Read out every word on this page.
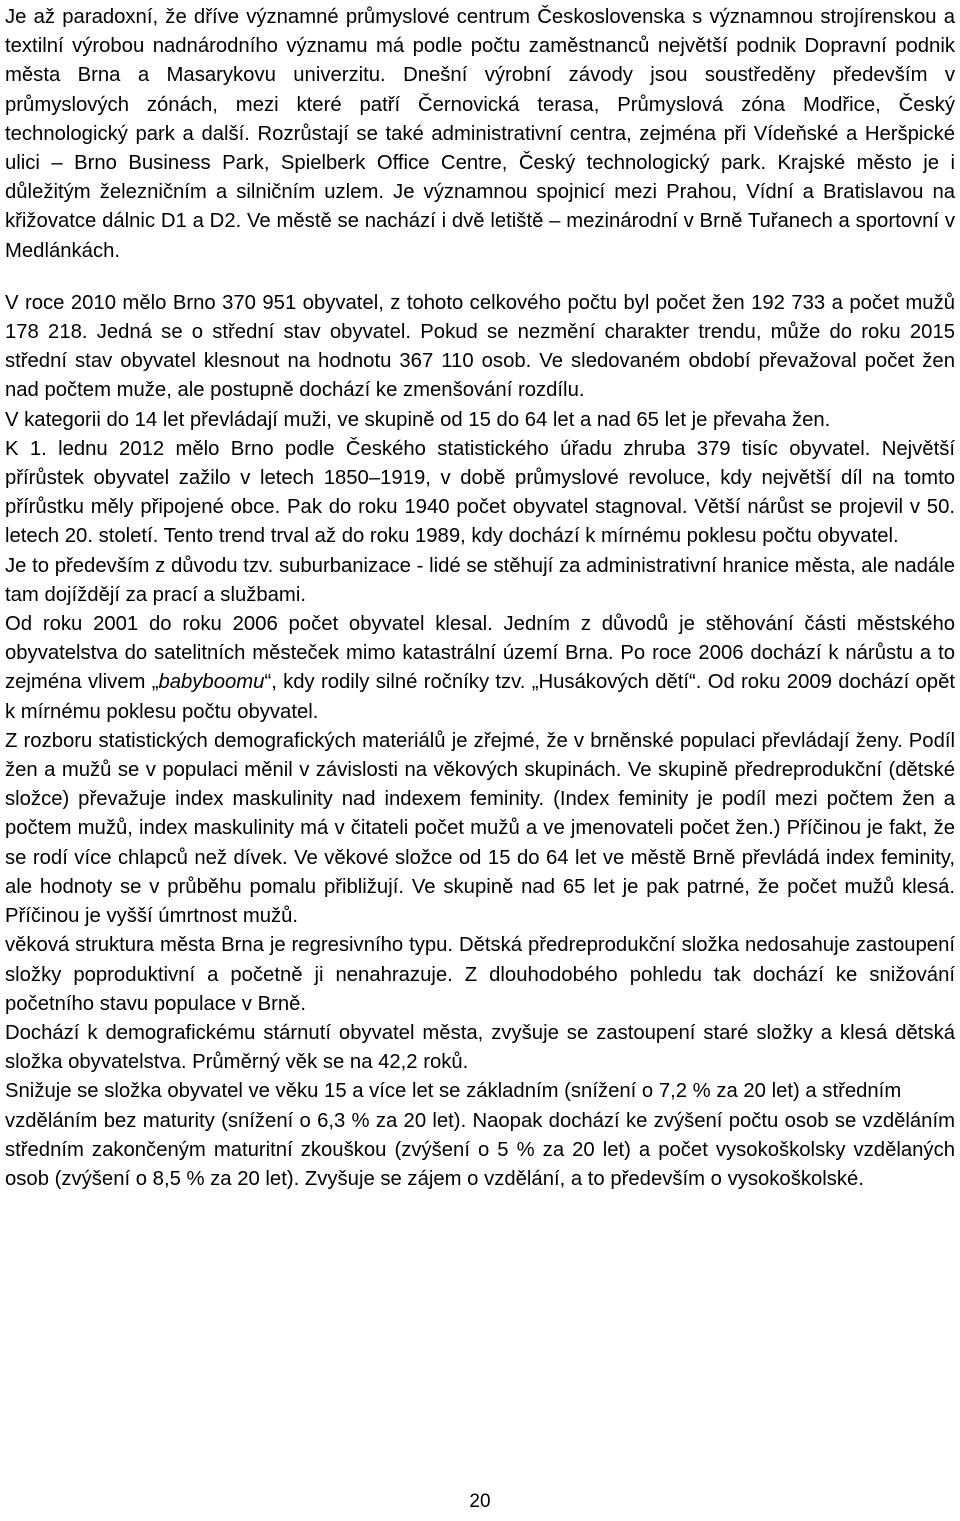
Je až paradoxní, že dříve významné průmyslové centrum Československa s významnou strojírenskou a textilní výrobou nadnárodního významu má podle počtu zaměstnanců největší podnik Dopravní podnik města Brna a Masarykovu univerzitu. Dnešní výrobní závody jsou soustředěny především v průmyslových zónách, mezi které patří Černovická terasa, Průmyslová zóna Modřice, Český technologický park a další. Rozrůstají se také administrativní centra, zejména při Vídeňské a Heršpické ulici – Brno Business Park, Spielberk Office Centre, Český technologický park. Krajské město je i důležitým železničním a silničním uzlem. Je významnou spojnicí mezi Prahou, Vídní a Bratislavou na křižovatce dálnic D1 a D2. Ve městě se nachází i dvě letiště – mezinárodní v Brně Tuřanech a sportovní v Medlánkách.

V roce 2010 mělo Brno 370 951 obyvatel, z tohoto celkového počtu byl počet žen 192 733 a počet mužů 178 218. Jedná se o střední stav obyvatel. Pokud se nezmění charakter trendu, může do roku 2015 střední stav obyvatel klesnout na hodnotu 367 110 osob. Ve sledovaném období převažoval počet žen nad počtem muže, ale postupně dochází ke zmenšování rozdílu.

V kategorii do 14 let převládají muži, ve skupině od 15 do 64 let a nad 65 let je převaha žen.

K 1. lednu 2012 mělo Brno podle Českého statistického úřadu zhruba 379 tisíc obyvatel. Největší přírůstek obyvatel zažilo v letech 1850–1919, v době průmyslové revoluce, kdy největší díl na tomto přírůstku měly připojené obce. Pak do roku 1940 počet obyvatel stagnoval. Větší nárůst se projevil v 50. letech 20. století. Tento trend trval až do roku 1989, kdy dochází k mírnému poklesu počtu obyvatel.

Je to především z důvodu tzv. suburbanizace - lidé se stěhují za administrativní hranice města, ale nadále tam dojíždějí za prací a službami.

Od roku 2001 do roku 2006 počet obyvatel klesal. Jedním z důvodů je stěhování části městského obyvatelstva do satelitních městeček mimo katastrální území Brna. Po roce 2006 dochází k nárůstu a to zejména vlivem „babyboomu“, kdy rodily silné ročníky tzv. „Husákových dětí“. Od roku 2009 dochází opět k mírnému poklesu počtu obyvatel.

Z rozboru statistických demografických materiálů je zřejmé, že v brněnské populaci převládají ženy. Podíl žen a mužů se v populaci měnil v závislosti na věkových skupinách. Ve skupině předreprodukční (dětské složce) převažuje index maskulinity nad indexem feminity. (Index feminity je podíl mezi počtem žen a počtem mužů, index maskulinity má v čitateli počet mužů a ve jmenovateli počet žen.) Příčinou je fakt, že se rodí více chlapců než dívek. Ve věkové složce od 15 do 64 let ve městě Brně převládá index feminity, ale hodnoty se v průběhu pomalu přibližují. Ve skupině nad 65 let je pak patrné, že počet mužů klesá. Příčinou je vyšší úmrtnost mužů.

věková struktura města Brna je regresivního typu. Dětská předreprodukční složka nedosahuje zastoupení složky poproduktivní a početně ji nenahrazuje. Z dlouhodobého pohledu tak dochází ke snižování početního stavu populace v Brně.

Dochází k demografickému stárnutí obyvatel města, zvyšuje se zastoupení staré složky a klesá dětská složka obyvatelstva. Průměrný věk se na 42,2 roků.

Snižuje se složka obyvatel ve věku 15 a více let se základním (snížení o 7,2 % za 20 let) a středním

vzděláním bez maturity (snížení o 6,3 % za 20 let). Naopak dochází ke zvýšení počtu osob se vzděláním středním zakončeným maturitní zkouškou (zvýšení o 5 % za 20 let) a počet vysokoškolsky vzdělaných osob (zvýšení o 8,5 % za 20 let). Zvyšuje se zájem o vzdělání, a to především o vysokoškolské.

20
